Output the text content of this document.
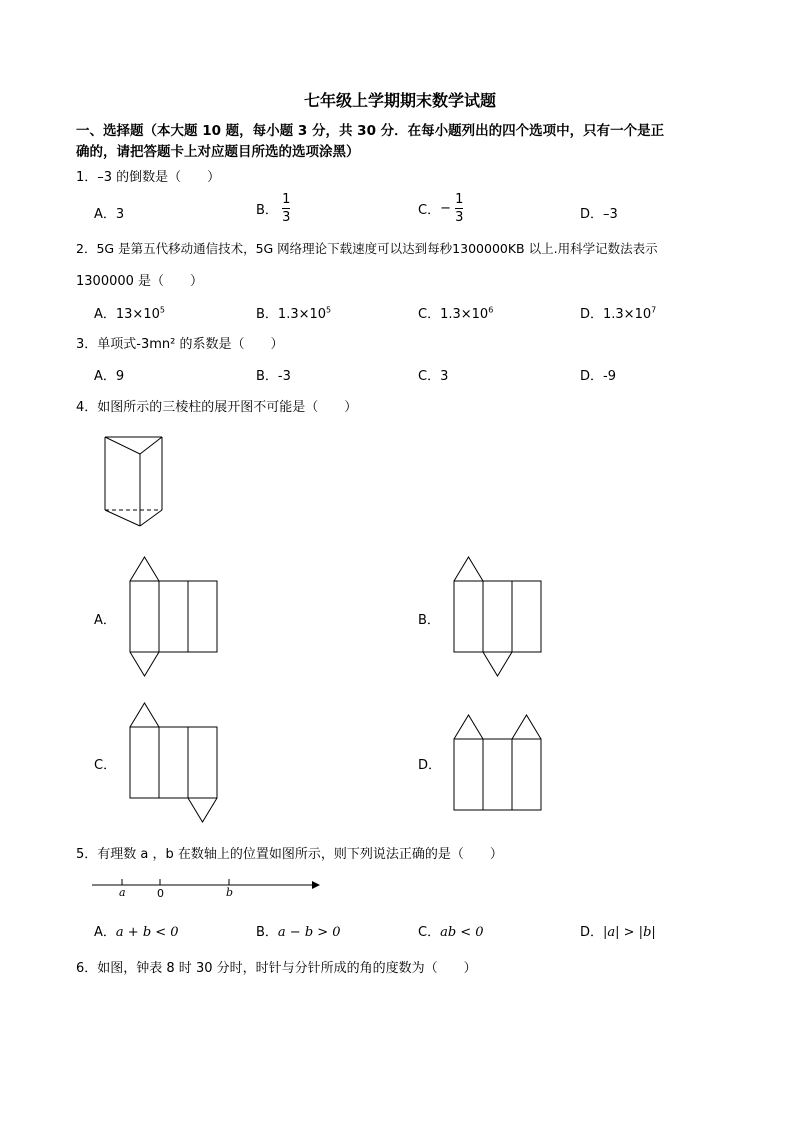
七年级上学期期末数学试题
一、选择题（本大题 10 题，每小题 3 分，共 30 分．在每小题列出的四个选项中，只有一个是正
确的，请把答题卡上对应题目所选的选项涂黑）
1．–3 的倒数是（　　）
A．3	B． $\frac{1}{3}$	C．− $\frac{1}{3}$	D．–3
2．5G 是第五代移动通信技术，5G 网络理论下载速度可以达到每秒1300000KB 以上.用科学记数法表示
1300000 是（　　）
A．$13\times 10^5$	B．$1.3\times 10^5$	C．$1.3\times 10^6$	D．$1.3\times 10^7$
3．单项式-3mn² 的系数是（　　）
A．9	B．-3	C．3	D．-9
4．如图所示的三棱柱的展开图不可能是（　　）
A．	B．
C．	D．
5．有理数 a ，b 在数轴上的位置如图所示，则下列说法正确的是（　　）
a	0	b
A．a + b < 0	B．a − b > 0	C．ab < 0	D．|a| > |b|
6．如图，钟表 8 时 30 分时，时针与分针所成的角的度数为（　　）
